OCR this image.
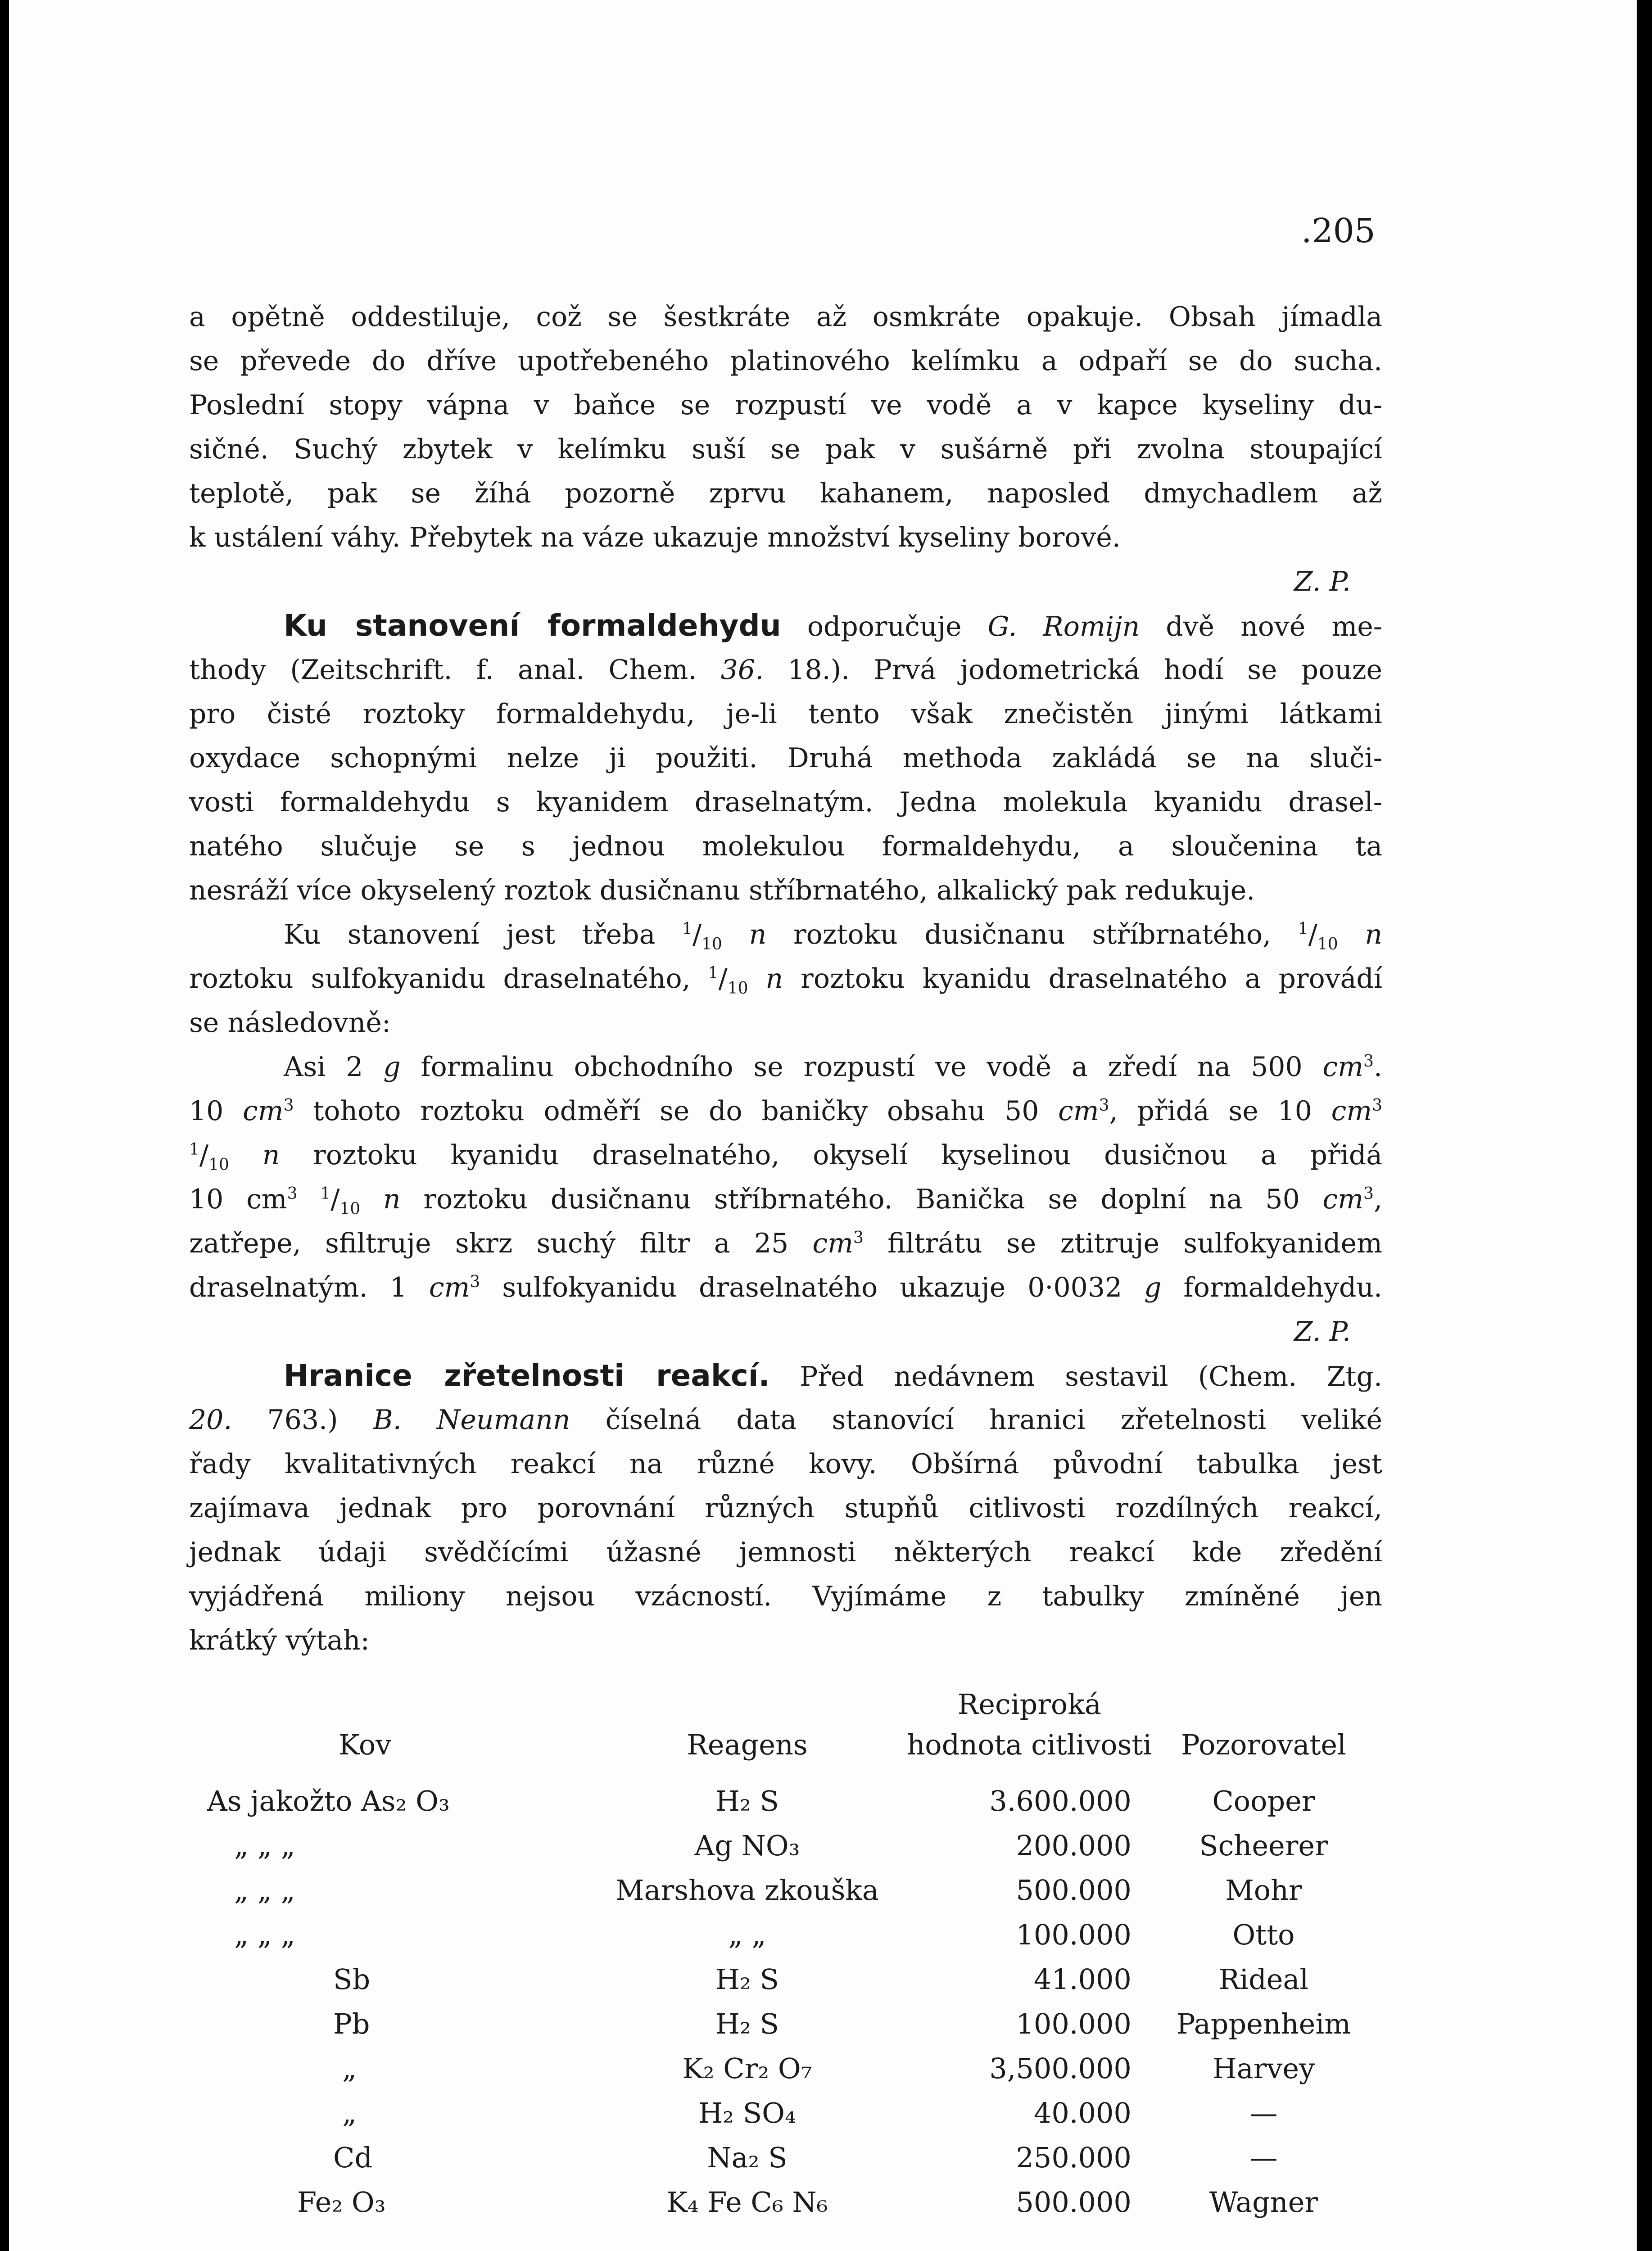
.205
a opětně oddestiluje, což se šestkráte až osmkráte opakuje. Obsah jímadla
se převede do dříve upotřebeného platinového kelímku a odpaří se do sucha.
Poslední stopy vápna v baňce se rozpustí ve vodě a v kapce kyseliny du-
sičné. Suchý zbytek v kelímku suší se pak v sušárně při zvolna stoupající
teplotě, pak se žíhá pozorně zprvu kahanem, naposled dmychadlem až
k ustálení váhy. Přebytek na váze ukazuje množství kyseliny borové.
Z. P.
Ku stanovení formaldehydu odporučuje G. Romijn dvě nové me-
thody (Zeitschrift. f. anal. Chem. 36. 18.). Prvá jodometrická hodí se pouze
pro čisté roztoky formaldehydu, je-li tento však znečistěn jinými látkami
oxydace schopnými nelze ji použiti. Druhá methoda zakládá se na sluči-
vosti formaldehydu s kyanidem draselnatým. Jedna molekula kyanidu drasel-
natého slučuje se s jednou molekulou formaldehydu, a sloučenina ta
nesráží více okyselený roztok dusičnanu stříbrnatého, alkalický pak redukuje.
Ku stanovení jest třeba $^1/_{10}$ n roztoku dusičnanu stříbrnatého, $^1/_{10}$ n
roztoku sulfokyanidu draselnatého, $^1/_{10}$ n roztoku kyanidu draselnatého a provádí
se následovně:
Asi 2 g formalinu obchodního se rozpustí ve vodě a zředí na 500 $cm^3$.
10 $cm^3$ tohoto roztoku odměří se do baničky obsahu 50 $cm^3$, přidá se 10 $cm^3$
$^1/_{10}$ n roztoku kyanidu draselnatého, okyselí kyselinou dusičnou a přidá
10 $cm^3$ $^1/_{10}$ n roztoku dusičnanu stříbrnatého. Banička se doplní na 50 $cm^3$,
zatřepe, sfiltruje skrz suchý filtr a 25 $cm^3$ filtrátu se ztitruje sulfokyanidem
draselnatým. 1 $cm^3$ sulfokyanidu draselnatého ukazuje 0·0032 g formaldehydu.
Z. P.
Hranice zřetelnosti reakcí. Před nedávnem sestavil (Chem. Ztg.
20. 763.) B. Neumann číselná data stanovící hranici zřetelnosti veliké
řady kvalitativných reakcí na různé kovy. Obšírná původní tabulka jest
zajímava jednak pro porovnání různých stupňů citlivosti rozdílných reakcí,
jednak údaji svědčícími úžasné jemnosti některých reakcí kde zředění
vyjádřená miliony nejsou vzácností. Vyjímáme z tabulky zmíněné jen
krátký výtah:
Kov	Reagens	Reciproká
hodnota citlivosti	Pozorovatel
As jakožto As₂ O₃	H₂ S	3.600.000	Cooper
„ „ „	Ag NO₃	200.000	Scheerer
„ „ „	Marshova zkouška	500.000	Mohr
„ „ „	„ „	100.000	Otto
Sb	H₂ S	41.000	Rideal
Pb	H₂ S	100.000	Pappenheim
„	K₂ Cr₂ O₇	3,500.000	Harvey
„	H₂ SO₄	40.000	—
Cd	Na₂ S	250.000	—
Fe₂ O₃	K₄ Fe C₆ N₆	500.000	Wagner
